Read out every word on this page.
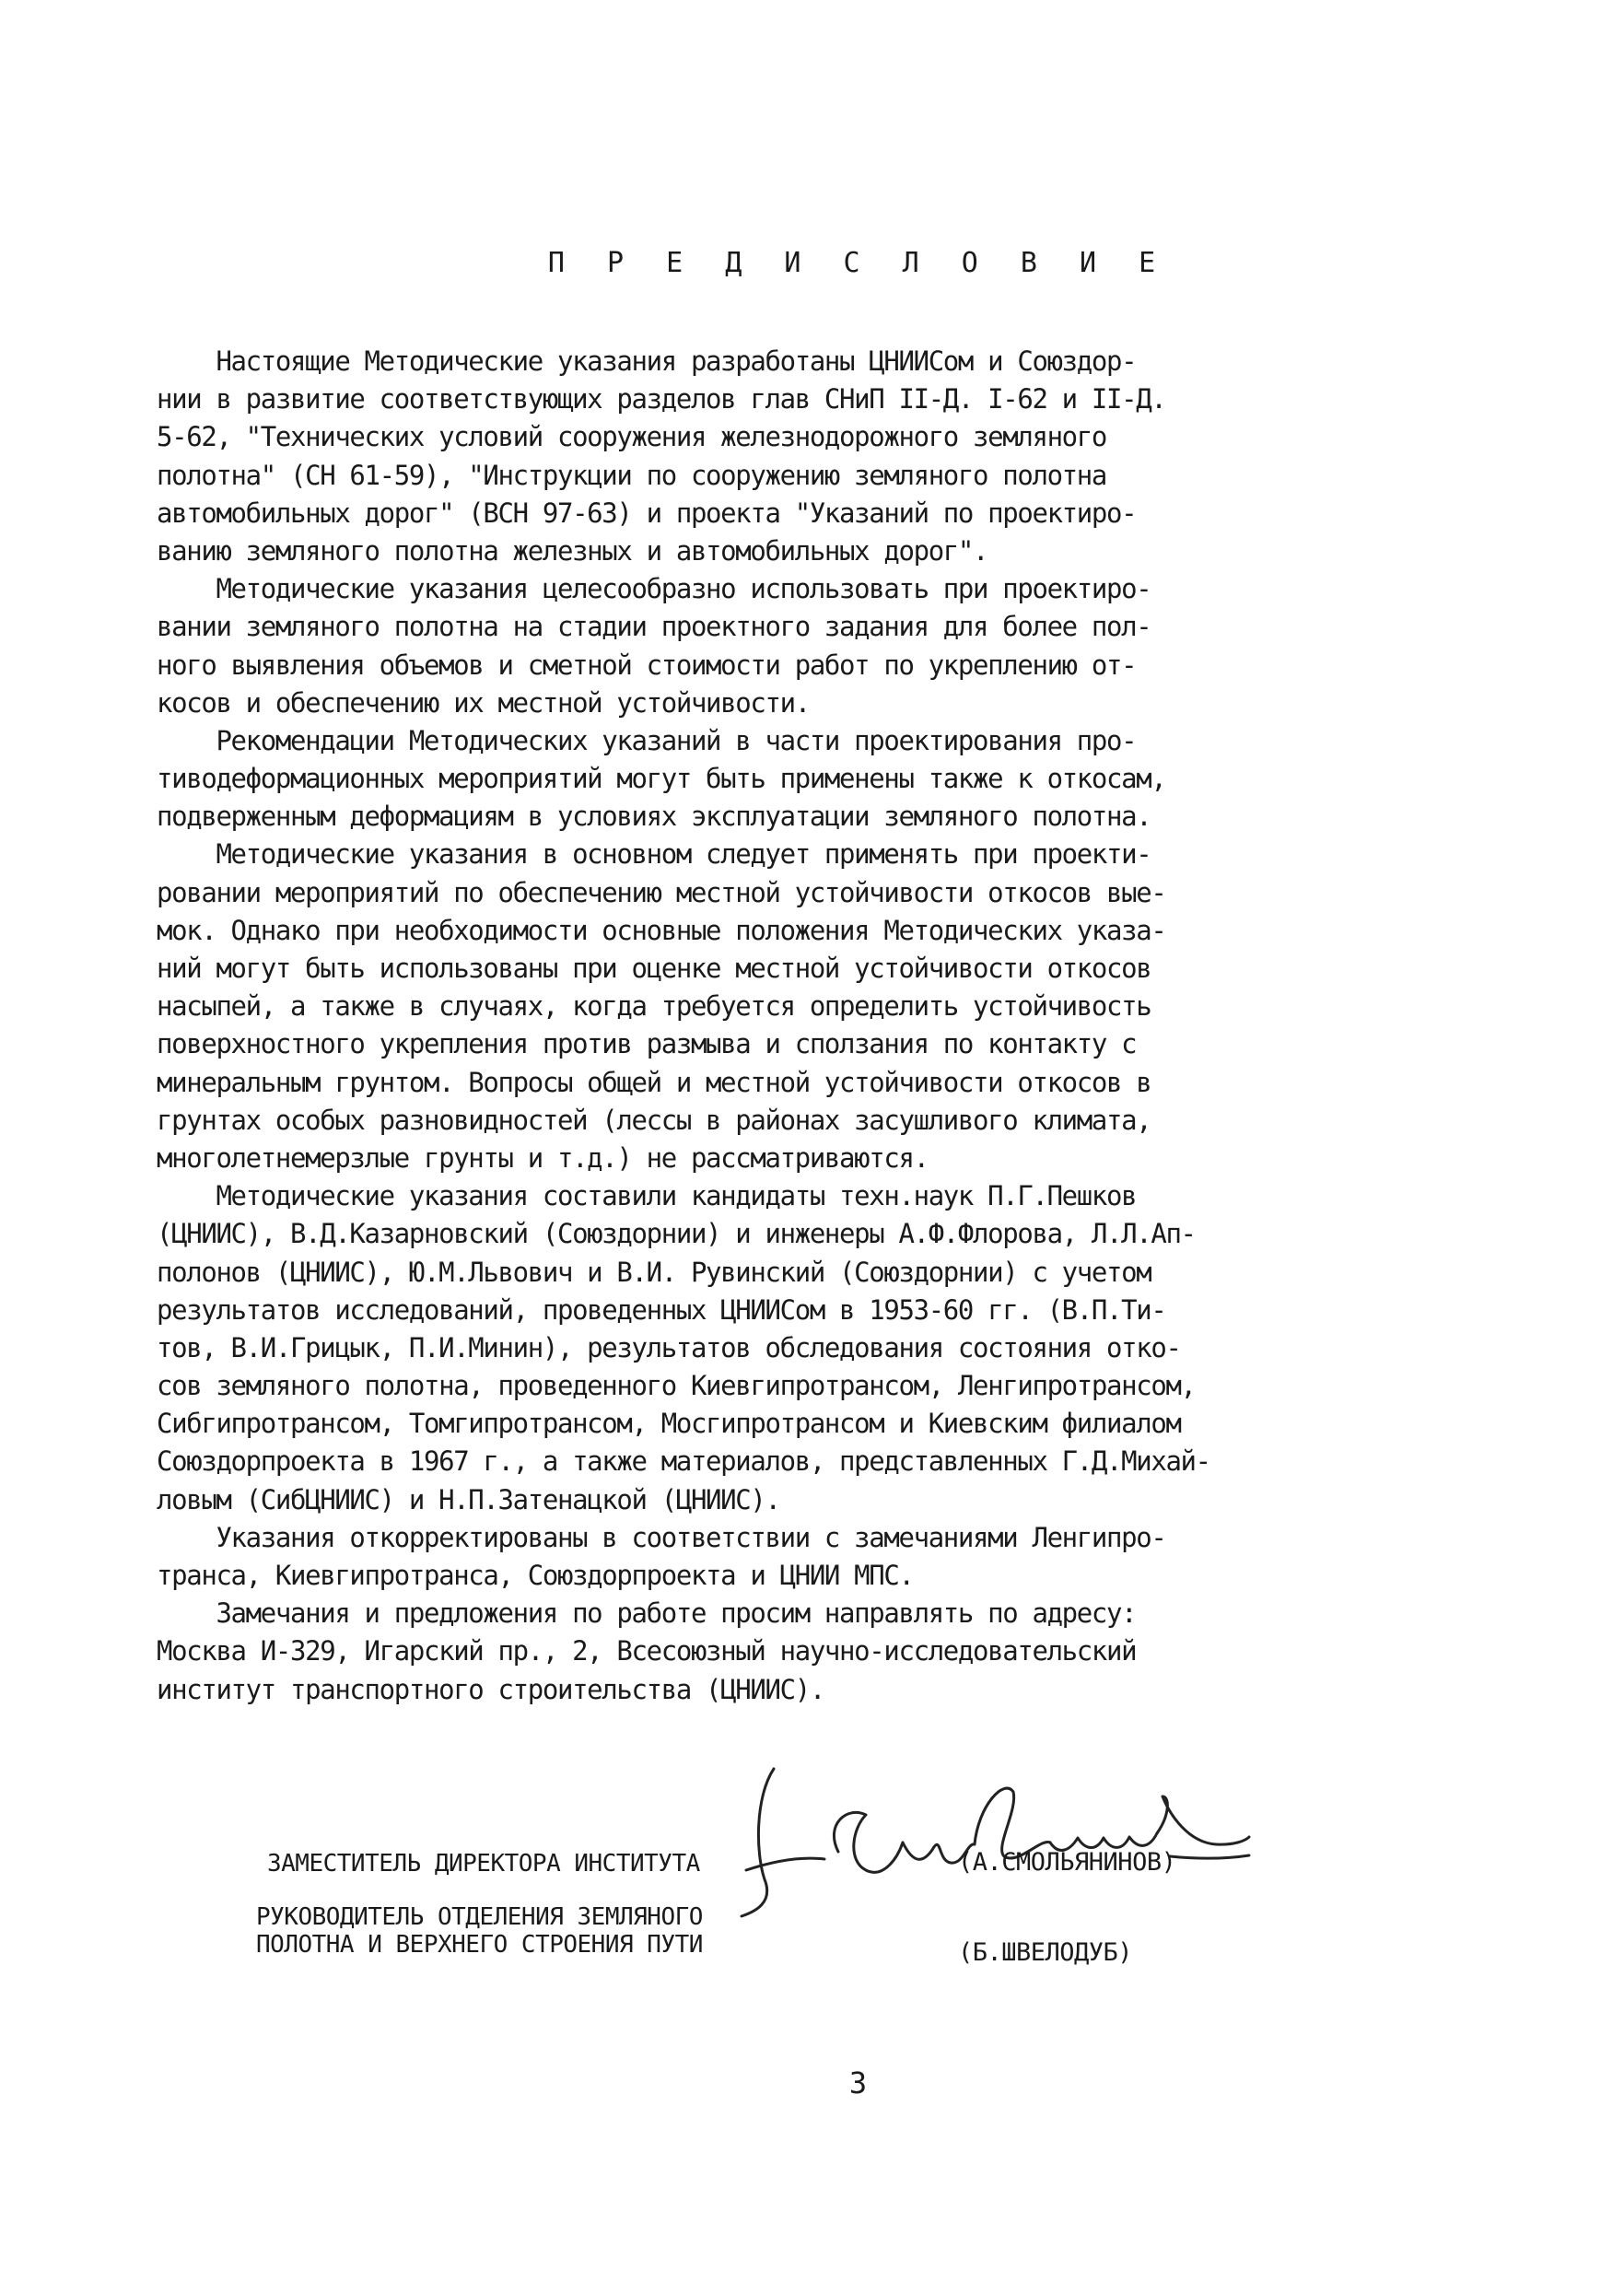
П Р Е Д И С Л О В И Е
Настоящие Методические указания разработаны ЦНИИСом и Союздор-
нии в развитие соответствующих разделов глав СНиП II-Д. I-62 и II-Д.
5-62, "Технических условий сооружения железнодорожного земляного
полотна" (СН 61-59), "Инструкции по сооружению земляного полотна
автомобильных дорог" (ВСН 97-63) и проекта "Указаний по проектиро-
ванию земляного полотна железных и автомобильных дорог".
Методические указания целесообразно использовать при проектиро-
вании земляного полотна на стадии проектного задания для более пол-
ного выявления объемов и сметной стоимости работ по укреплению от-
косов и обеспечению их местной устойчивости.
Рекомендации Методических указаний в части проектирования про-
тиводеформационных мероприятий могут быть применены также к откосам,
подверженным деформациям в условиях эксплуатации земляного полотна.
Методические указания в основном следует применять при проекти-
ровании мероприятий по обеспечению местной устойчивости откосов вые-
мок. Однако при необходимости основные положения Методических указа-
ний могут быть использованы при оценке местной устойчивости откосов
насыпей, а также в случаях, когда требуется определить устойчивость
поверхностного укрепления против размыва и сползания по контакту с
минеральным грунтом. Вопросы общей и местной устойчивости откосов в
грунтах особых разновидностей (лессы в районах засушливого климата,
многолетнемерзлые грунты и т.д.) не рассматриваются.
Методические указания составили кандидаты техн.наук П.Г.Пешков
(ЦНИИС), В.Д.Казарновский (Союздорнии) и инженеры А.Ф.Флорова, Л.Л.Ап-
полонов (ЦНИИС), Ю.М.Львович и В.И. Рувинский (Союздорнии) с учетом
результатов исследований, проведенных ЦНИИСом в 1953-60 гг. (В.П.Ти-
тов, В.И.Грицык, П.И.Минин), результатов обследования состояния отко-
сов земляного полотна, проведенного Киевгипротрансом, Ленгипротрансом,
Сибгипротрансом, Томгипротрансом, Мосгипротрансом и Киевским филиалом
Союздорпроекта в 1967 г., а также материалов, представленных Г.Д.Михай-
ловым (СибЦНИИС) и Н.П.Затенацкой (ЦНИИС).
Указания откорректированы в соответствии с замечаниями Ленгипро-
транса, Киевгипротранса, Союздорпроекта и ЦНИИ МПС.
Замечания и предложения по работе просим направлять по адресу:
Москва И-329, Игарский пр., 2, Всесоюзный научно-исследовательский
институт транспортного строительства (ЦНИИС).
ЗАМЕСТИТЕЛЬ ДИРЕКТОРА ИНСТИТУТА	(А.СМОЛЬЯНИНОВ)
РУКОВОДИТЕЛЬ ОТДЕЛЕНИЯ ЗЕМЛЯНОГО
ПОЛОТНА И ВЕРХНЕГО СТРОЕНИЯ ПУТИ	(Б.ШВЕЛОДУБ)
3
